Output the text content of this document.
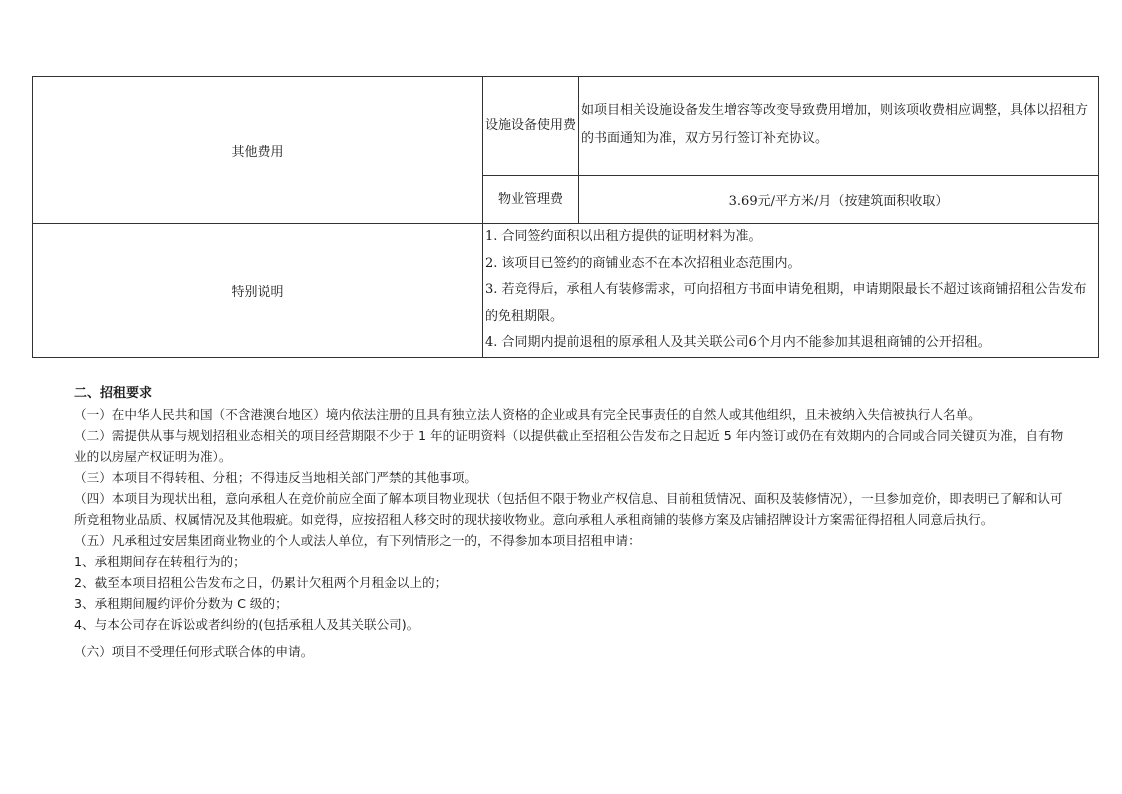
其他费用	设施设备使用费	如项目相关设施设备发生增容等改变导致费用增加，则该项收费相应调整，具体以招租方的书面通知为准，双方另行签订补充协议。
	物业管理费	3.69元/平方米/月（按建筑面积收取）
特别说明	1. 合同签约面积以出租方提供的证明材料为准。
2. 该项目已签约的商铺业态不在本次招租业态范围内。
3. 若竞得后，承租人有装修需求，可向招租方书面申请免租期，申请期限最长不超过该商铺招租公告发布的免租期限。
4. 合同期内提前退租的原承租人及其关联公司6个月内不能参加其退租商铺的公开招租。	
二、招租要求

（一）在中华人民共和国（不含港澳台地区）境内依法注册的且具有独立法人资格的企业或具有完全民事责任的自然人或其他组织，且未被纳入失信被执行人名单。

（二）需提供从事与规划招租业态相关的项目经营期限不少于 1 年的证明资料（以提供截止至招租公告发布之日起近 5 年内签订或仍在有效期内的合同或合同关键页为准，自有物业的以房屋产权证明为准）。

（三）本项目不得转租、分租；不得违反当地相关部门严禁的其他事项。

（四）本项目为现状出租，意向承租人在竞价前应全面了解本项目物业现状（包括但不限于物业产权信息、目前租赁情况、面积及装修情况），一旦参加竞价，即表明已了解和认可所竞租物业品质、权属情况及其他瑕疵。如竞得，应按招租人移交时的现状接收物业。意向承租人承租商铺的装修方案及店铺招牌设计方案需征得招租人同意后执行。

（五）凡承租过安居集团商业物业的个人或法人单位，有下列情形之一的，不得参加本项目招租申请：

1、承租期间存在转租行为的；

2、截至本项目招租公告发布之日，仍累计欠租两个月租金以上的；

3、承租期间履约评价分数为 C 级的；

4、与本公司存在诉讼或者纠纷的(包括承租人及其关联公司)。

（六）项目不受理任何形式联合体的申请。
